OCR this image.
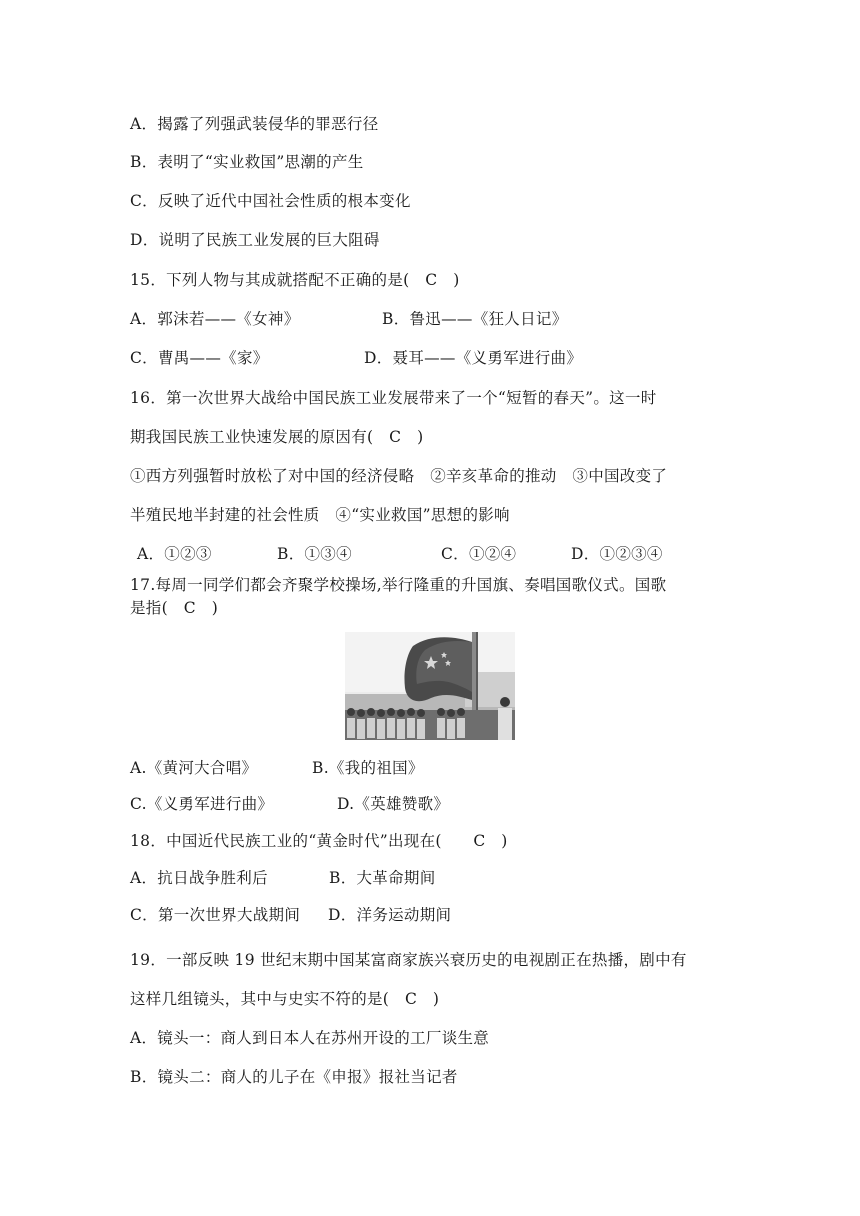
A．揭露了列强武装侵华的罪恶行径
B．表明了“实业救国”思潮的产生
C．反映了近代中国社会性质的根本变化
D．说明了民族工业发展的巨大阻碍
15．下列人物与其成就搭配不正确的是(　C　)
A．郭沫若——《女神》	B．鲁迅——《狂人日记》
C．曹禺——《家》	D．聂耳——《义勇军进行曲》
16．第一次世界大战给中国民族工业发展带来了一个“短暂的春天”。这一时
期我国民族工业快速发展的原因有(　C　)
①西方列强暂时放松了对中国的经济侵略　②辛亥革命的推动　③中国改变了
半殖民地半封建的社会性质　④“实业救国”思想的影响
A．①②③	B．①③④	C．①②④	D．①②③④
17.每周一同学们都会齐聚学校操场,举行隆重的升国旗、奏唱国歌仪式。国歌
是指(　C　)
A.《黄河大合唱》	B.《我的祖国》
C.《义勇军进行曲》	D.《英雄赞歌》
18．中国近代民族工业的“黄金时代”出现在(　　C　)
A．抗日战争胜利后	B．大革命期间
C．第一次世界大战期间 D．洋务运动期间
19．一部反映 19 世纪末期中国某富商家族兴衰历史的电视剧正在热播，剧中有
这样几组镜头，其中与史实不符的是(　C　)
A．镜头一：商人到日本人在苏州开设的工厂谈生意
B．镜头二：商人的儿子在《申报》报社当记者
